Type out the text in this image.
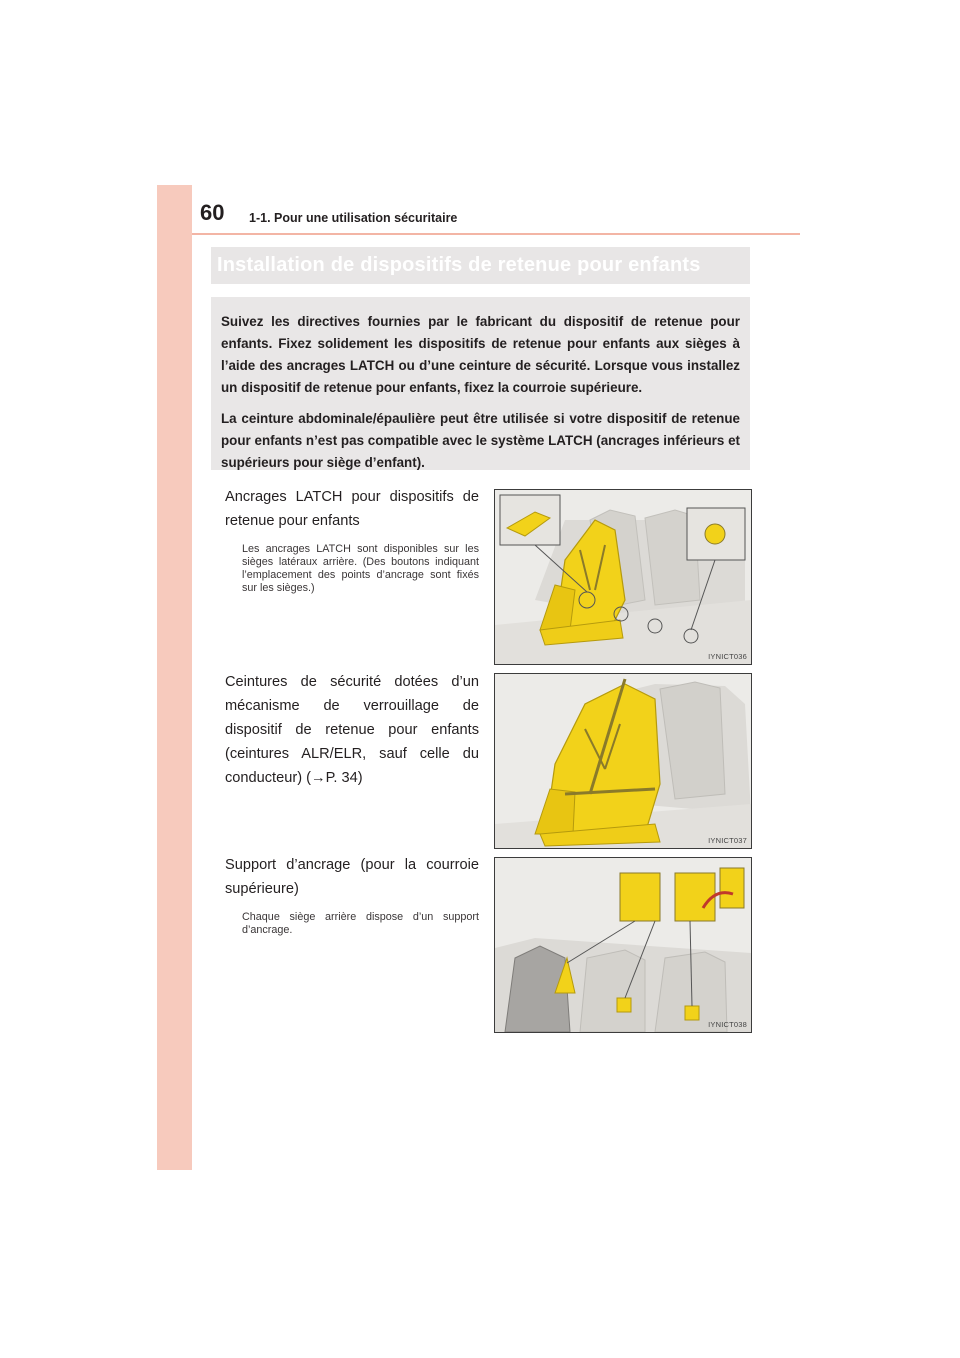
60 1-1. Pour une utilisation sécuritaire
Installation de dispositifs de retenue pour enfants

Suivez les directives fournies par le fabricant du dispositif de retenue pour enfants. Fixez solidement les dispositifs de retenue pour enfants aux sièges à l’aide des ancrages LATCH ou d’une ceinture de sécurité. Lorsque vous installez un dispositif de retenue pour enfants, fixez la courroie supérieure.

La ceinture abdominale/épaulière peut être utilisée si votre dispositif de retenue pour enfants n’est pas compatible avec le système LATCH (ancrages inférieurs et supérieurs pour siège d’enfant).

Ancrages LATCH pour dispositifs de retenue pour enfants

Les ancrages LATCH sont disponibles sur les sièges latéraux arrière. (Des boutons indiquant l’emplacement des points d’ancrage sont fixés sur les sièges.)

IYNICT036

Ceintures de sécurité dotées d’un mécanisme de verrouillage de dispositif de retenue pour enfants (ceintures ALR/ELR, sauf celle du conducteur) (→P. 34)

IYNICT037

Support d’ancrage (pour la courroie supérieure)

Chaque siège arrière dispose d’un support d’ancrage.

IYNICT038
